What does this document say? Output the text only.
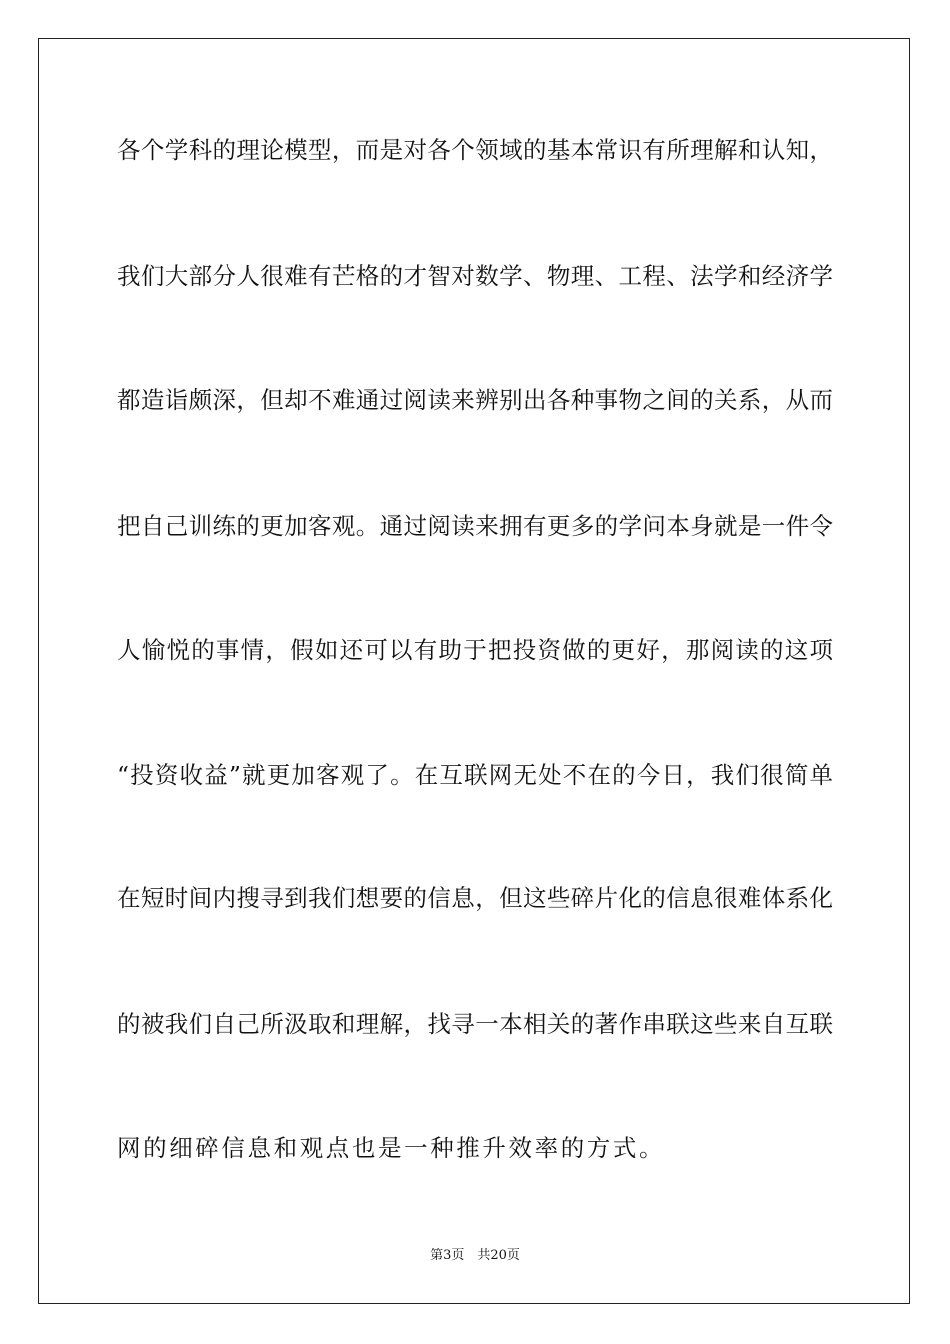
各个学科的理论模型，而是对各个领域的基本常识有所理解和认知，
我们大部分人很难有芒格的才智对数学、物理、工程、法学和经济学
都造诣颇深，但却不难通过阅读来辨别出各种事物之间的关系，从而
把自己训练的更加客观。通过阅读来拥有更多的学问本身就是一件令
人愉悦的事情，假如还可以有助于把投资做的更好，那阅读的这项
“投资收益”就更加客观了。在互联网无处不在的今日，我们很简单
在短时间内搜寻到我们想要的信息，但这些碎片化的信息很难体系化
的被我们自己所汲取和理解，找寻一本相关的著作串联这些来自互联
网的细碎信息和观点也是一种推升效率的方式。
第3页　共20页
